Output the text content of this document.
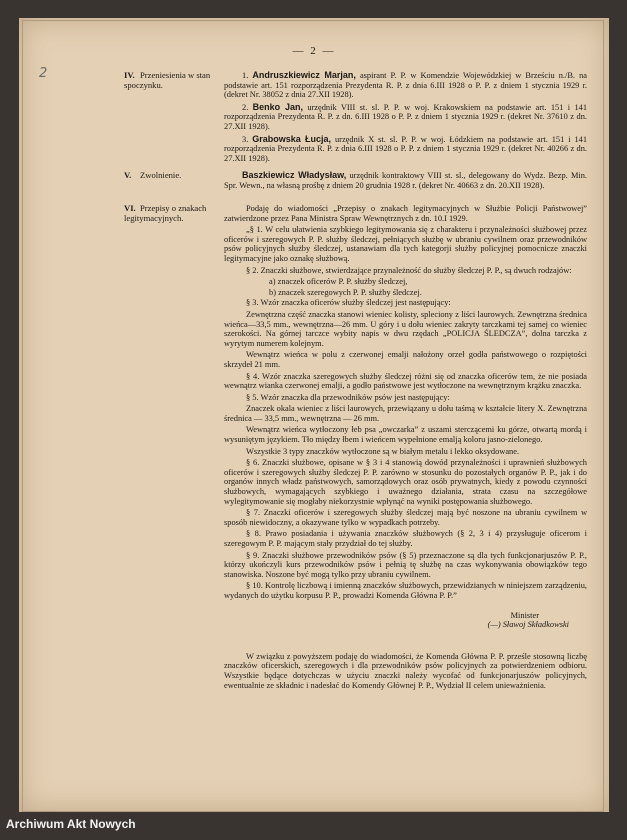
— 2 —
2	IV. Przeniesienia w stan spoczynku.

1. Andruszkiewicz Marjan, aspirant P. P. w Komendzie Wojewódzkiej w Brześciu n./B. na podstawie art. 151 rozporządzenia Prezydenta R. P. z dnia 6.III 1928 o P. P. z dniem 1 stycznia 1929 r. (dekret Nr. 38052 z dnia 27.XII 1928).

2. Benko Jan, urzędnik VIII st. sl. P. P. w woj. Krakowskiem na podstawie art. 151 i 141 rozporządzenia Prezydenta R. P. z dn. 6.III 1928 o P. P. z dniem 1 stycznia 1929 r. (dekret Nr. 37610 z dn. 27.XII 1928).

3. Grabowska Łucja, urzędnik X st. sl. P. P. w woj. Łódzkiem na podstawie art. 151 i 141 rozporządzenia Prezydenta R. P. z dnia 6.III 1928 o P. P. z dniem 1 stycznia 1929 r. (dekret Nr. 40266 z dn. 27.XII 1928).

V. Zwolnienie.	Baszkiewicz Władysław, urzędnik kontraktowy VIII st. sl., delegowany do Wydz. Bezp. Min. Spr. Wewn., na własną prośbę z dniem 20 grudnia 1928 r. (dekret Nr. 40663 z dn. 20.XII 1928).

VI. Przepisy o znakach legitymacyjnych.

Podaję do wiadomości „Przepisy o znakach legitymacyjnych w Służbie Policji Państwowej” zatwierdzone przez Pana Ministra Spraw Wewnętrznych z dn. 10.I 1929.

„§ 1. W celu ułatwienia szybkiego legitymowania się z charakteru i przynależności służbowej przez oficerów i szeregowych P. P. służby śledczej, pełniących służbę w ubraniu cywilnem oraz przewodników psów policyjnych służby śledczej, ustanawiam dla tych kategorji służby policyjnej pomocnicze znaczki legitymacyjne jako oznakę służbową.

§ 2. Znaczki służbowe, stwierdzające przynależność do służby śledczej P. P., są dwuch rodzajów:

a) znaczek oficerów P. P. służby śledczej,

b) znaczek szeregowych P. P. służby śledczej.

§ 3. Wzór znaczka oficerów służby śledczej jest następujący:

Zewnętrzna część znaczka stanowi wieniec kolisty, spleciony z liści laurowych. Zewnętrzna średnica wieńca—33,5 mm., wewnętrzna—26 mm. U góry i u dołu wieniec zakryty tarczkami tej samej co wieniec szerokości. Na górnej tarczce wybity napis w dwu rzędach „POLICJA ŚLEDCZA”, dolna tarczka z wyrytym numerem kolejnym.

Wewnątrz wieńca w polu z czerwonej emalji nałożony orzeł godła państwowego o rozpiętości skrzydeł 21 mm.

§ 4. Wzór znaczka szeregowych służby śledczej różni się od znaczka oficerów tem, że nie posiada wewnątrz wianka czerwonej emalji, a godło państwowe jest wytłoczone na wewnętrznym krążku znaczka.

§ 5. Wzór znaczka dla przewodników psów jest następujący:

Znaczek okala wieniec z liści laurowych, przewiązany u dołu taśmą w kształcie litery X. Zewnętrzna średnica — 33,5 mm., wewnętrzna — 26 mm.

Wewnątrz wieńca wytłoczony łeb psa „owczarka” z uszami sterczącemi ku górze, otwartą mordą i wysuniętym językiem. Tło między łbem i wieńcem wypełnione emalją koloru jasno-zielonego.

Wszystkie 3 typy znaczków wytłoczone są w białym metalu i lekko oksydowane.

§ 6. Znaczki służbowe, opisane w § 3 i 4 stanowią dowód przynależności i uprawnień służbowych oficerów i szeregowych służby śledczej P. P. zarówno w stosunku do pozostałych organów P. P., jak i do organów innych władz państwowych, samorządowych oraz osób prywatnych, kiedy z powodu czynności służbowych, wymagających szybkiego i uważnego działania, strata czasu na szczegółowe wylegitymowanie się mogłaby niekorzystnie wpłynąć na wyniki postępowania służbowego.

§ 7. Znaczki oficerów i szeregowych służby śledczej mają być noszone na ubraniu cywilnem w sposób niewidoczny, a okazywane tylko w wypadkach potrzeby.

§ 8. Prawo posiadania i używania znaczków służbowych (§ 2, 3 i 4) przysługuje oficerom i szeregowym P. P. mającym stały przydział do tej służby.

§ 9. Znaczki służbowe przewodników psów (§ 5) przeznaczone są dla tych funkcjonarjuszów P. P., którzy ukończyli kurs przewodników psów i pełnią tę służbę na czas wykonywania obowiązków tego stanowiska. Noszone być mogą tylko przy ubraniu cywilnem.

§ 10. Kontrolę liczbową i imienną znaczków służbowych, przewidzianych w niniejszem zarządzeniu, wydanych do użytku korpusu P. P., prowadzi Komenda Główna P. P.”

Minister
(—) Sławoj Składkowski

W związku z powyższem podaję do wiadomości, że Komenda Główna P. P. prześle stosowną liczbę znaczków oficerskich, szeregowych i dla przewodników psów policyjnych za potwierdzeniem odbioru. Wszystkie będące dotychczas w użyciu znaczki należy wycofać od funkcjonarjuszów policyjnych, ewentualnie ze składnic i nadesłać do Komendy Głównej P. P., Wydział II celem unieważnienia.

Archiwum Akt Nowych
